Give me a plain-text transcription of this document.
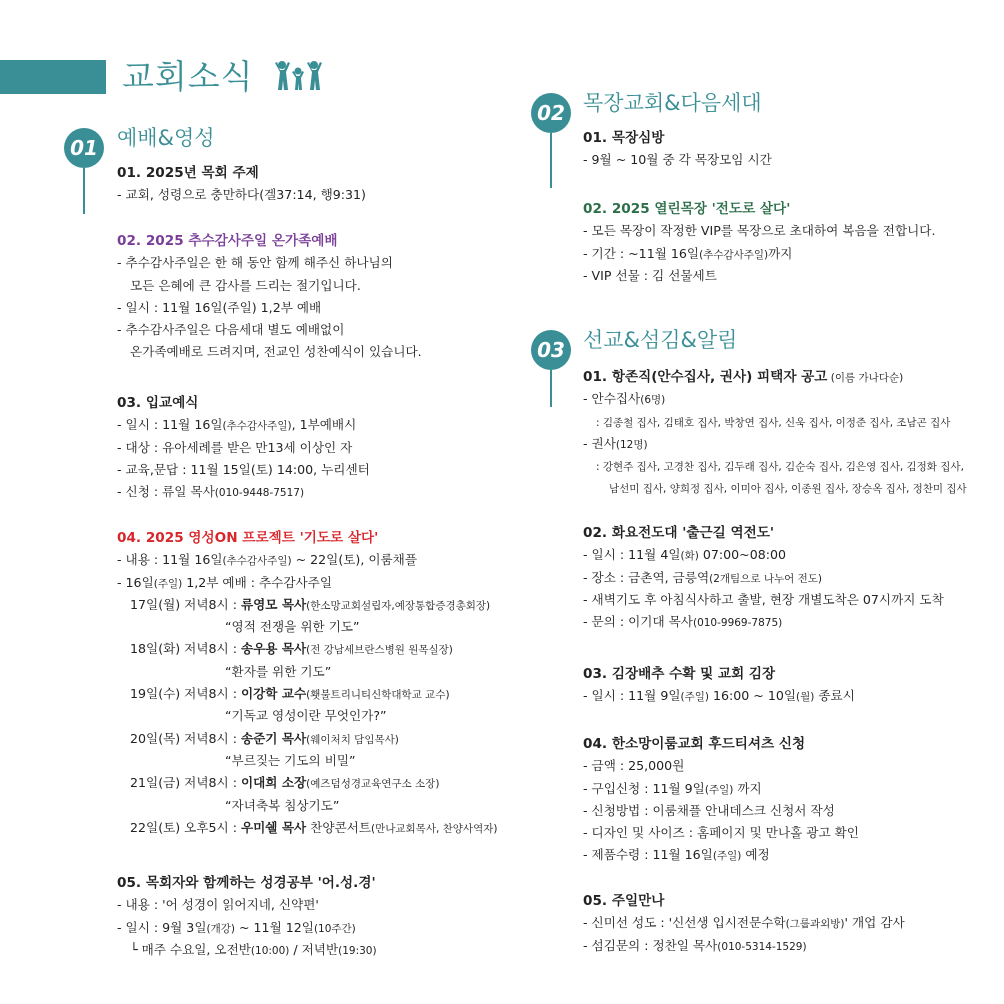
교회소식
01 예배&영성
01. 2025년 목회 주제
- 교회, 성령으로 충만하다(겔37:14, 행9:31)
02. 2025 추수감사주일 온가족예배
- 추수감사주일은 한 해 동안 함께 해주신 하나님의
모든 은혜에 큰 감사를 드리는 절기입니다.
- 일시 : 11월 16일(주일) 1,2부 예배
- 추수감사주일은 다음세대 별도 예배없이
온가족예배로 드려지며, 전교인 성찬예식이 있습니다.
03. 입교예식
- 일시 : 11월 16일(추수감사주일), 1부예배시
- 대상 : 유아세례를 받은 만13세 이상인 자
- 교육,문답 : 11월 15일(토) 14:00, 누리센터
- 신청 : 류일 목사(010-9448-7517)
04. 2025 영성ON 프로젝트 '기도로 살다'
- 내용 : 11월 16일(추수감사주일) ~ 22일(토), 이룸채플
- 16일(주일) 1,2부 예배 : 추수감사주일
17일(월) 저녁8시 : 류영모 목사(한소망교회설립자,예장통합증경총회장)
“영적 전쟁을 위한 기도”
18일(화) 저녁8시 : 송우용 목사(전 강남세브란스병원 원목실장)
“환자를 위한 기도”
19일(수) 저녁8시 : 이강학 교수(횃불트리니티신학대학교 교수)
“기독교 영성이란 무엇인가?”
20일(목) 저녁8시 : 송준기 목사(웨이처치 담임목사)
“부르짖는 기도의 비밀”
21일(금) 저녁8시 : 이대희 소장(예즈덤성경교육연구소 소장)
“자녀축복 침상기도”
22일(토) 오후5시 : 우미쉘 목사 찬양콘서트(만나교회목사, 찬양사역자)
05. 목회자와 함께하는 성경공부 '어.성.경'
- 내용 : '어 성경이 읽어지네, 신약편'
- 일시 : 9월 3일(개강) ~ 11월 12일(10주간)
└ 매주 수요일, 오전반(10:00) / 저녁반(19:30)
02 목장교회&다음세대
01. 목장심방
- 9월 ~ 10월 중 각 목장모임 시간
02. 2025 열린목장 '전도로 살다'
- 모든 목장이 작정한 VIP를 목장으로 초대하여 복음을 전합니다.
- 기간 : ~11월 16일(추수감사주일)까지
- VIP 선물 : 김 선물세트
03 선교&섬김&알림
01. 항존직(안수집사, 권사) 피택자 공고 (이름 가나다순)
- 안수집사(6명)
: 김종철 집사, 김태호 집사, 박창연 집사, 신욱 집사, 이정준 집사, 조남곤 집사
- 권사(12명)
: 강현주 집사, 고경찬 집사, 김두래 집사, 김순숙 집사, 김은영 집사, 김정화 집사,
남선미 집사, 양희정 집사, 이미아 집사, 이종원 집사, 장승옥 집사, 정찬미 집사
02. 화요전도대 '출근길 역전도'
- 일시 : 11월 4일(화) 07:00~08:00
- 장소 : 금촌역, 금릉역(2개팀으로 나누어 전도)
- 새벽기도 후 아침식사하고 출발, 현장 개별도착은 07시까지 도착
- 문의 : 이기대 목사(010-9969-7875)
03. 김장배추 수확 및 교회 김장
- 일시 : 11월 9일(주일) 16:00 ~ 10일(월) 종료시
04. 한소망이룸교회 후드티셔츠 신청
- 금액 : 25,000원
- 구입신청 : 11월 9일(주일) 까지
- 신청방법 : 이룸채플 안내데스크 신청서 작성
- 디자인 및 사이즈 : 홈페이지 및 만나홀 광고 확인
- 제품수령 : 11월 16일(주일) 예정
05. 주일만나
- 신미선 성도 : '신선생 입시전문수학(그룹과외방)' 개업 감사
- 섬김문의 : 정찬일 목사(010-5314-1529)
